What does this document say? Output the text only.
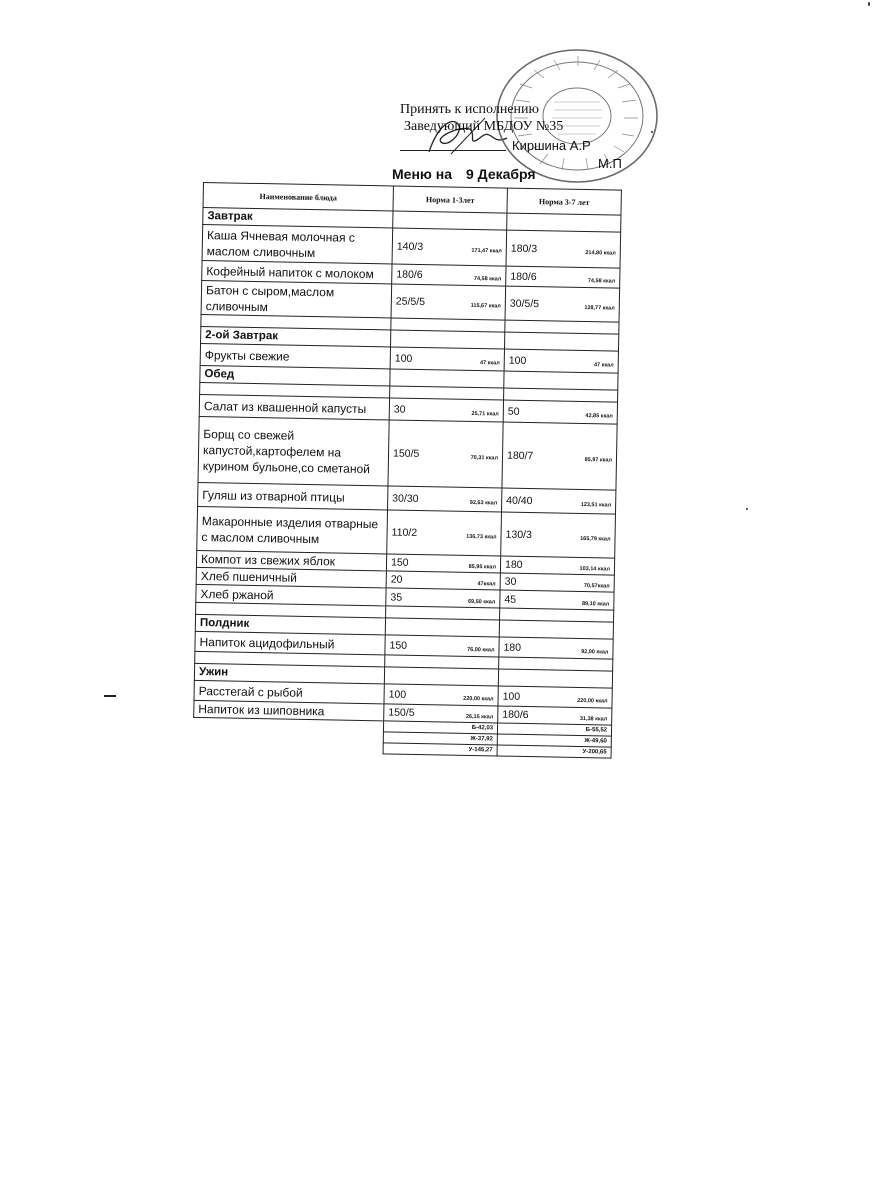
Принять к исполнению
Заведующий МБДОУ №35
Киршина А.Р
М.П
Меню на 9 Декабря
Наименование блюда	Норма 1-3лет	Норма 3-7 лет
Завтрак		
Каша Ячневая молочная с маслом сливочным	140/3 171,47 ккал	180/3 214,80 ккал

Кофейный напиток с молоком	180/6 74,58 ккал	180/6 74,58 ккал

Батон с сыром,маслом сливочным	25/5/5 115,67 ккал	30/5/5 128,77 ккал

2-ой Завтрак		
Фрукты свежие	100 47 ккал	100 47 ккал

Обед		

Салат из квашенной капусты	30 25,71 ккал	50 42,85 ккал

Борщ со свежей капустой,картофелем на курином бульоне,со сметаной	150/5 70,31 ккал	180/7 85,97 ккал

Гуляш из отварной птицы	30/30 92,63 ккал	40/40 123,51 ккал

Макаронные изделия отварные с маслом сливочным	110/2 136,73 ккал	130/3 165,79 ккал

Компот из свежих яблок	150 85,95 ккал	180 103,14 ккал

Хлеб пшеничный	20 47ккал	30 70,57ккал

Хлеб ржаной	35 69,50 ккал	45 89,10 ккал

Полдник		
Напиток ацидофильный	150 76,00 ккал	180 92,00 ккал

Ужин		
Расстегай с рыбой	100 220,00 ккал	100 220,00 ккал

Напиток из шиповника	150/5 26,15 ккал	180/6 31,38 ккал

	Б-42,03	Б-55,52
	Ж-37,92	Ж-49,60
	У-145,27	У-200,65
